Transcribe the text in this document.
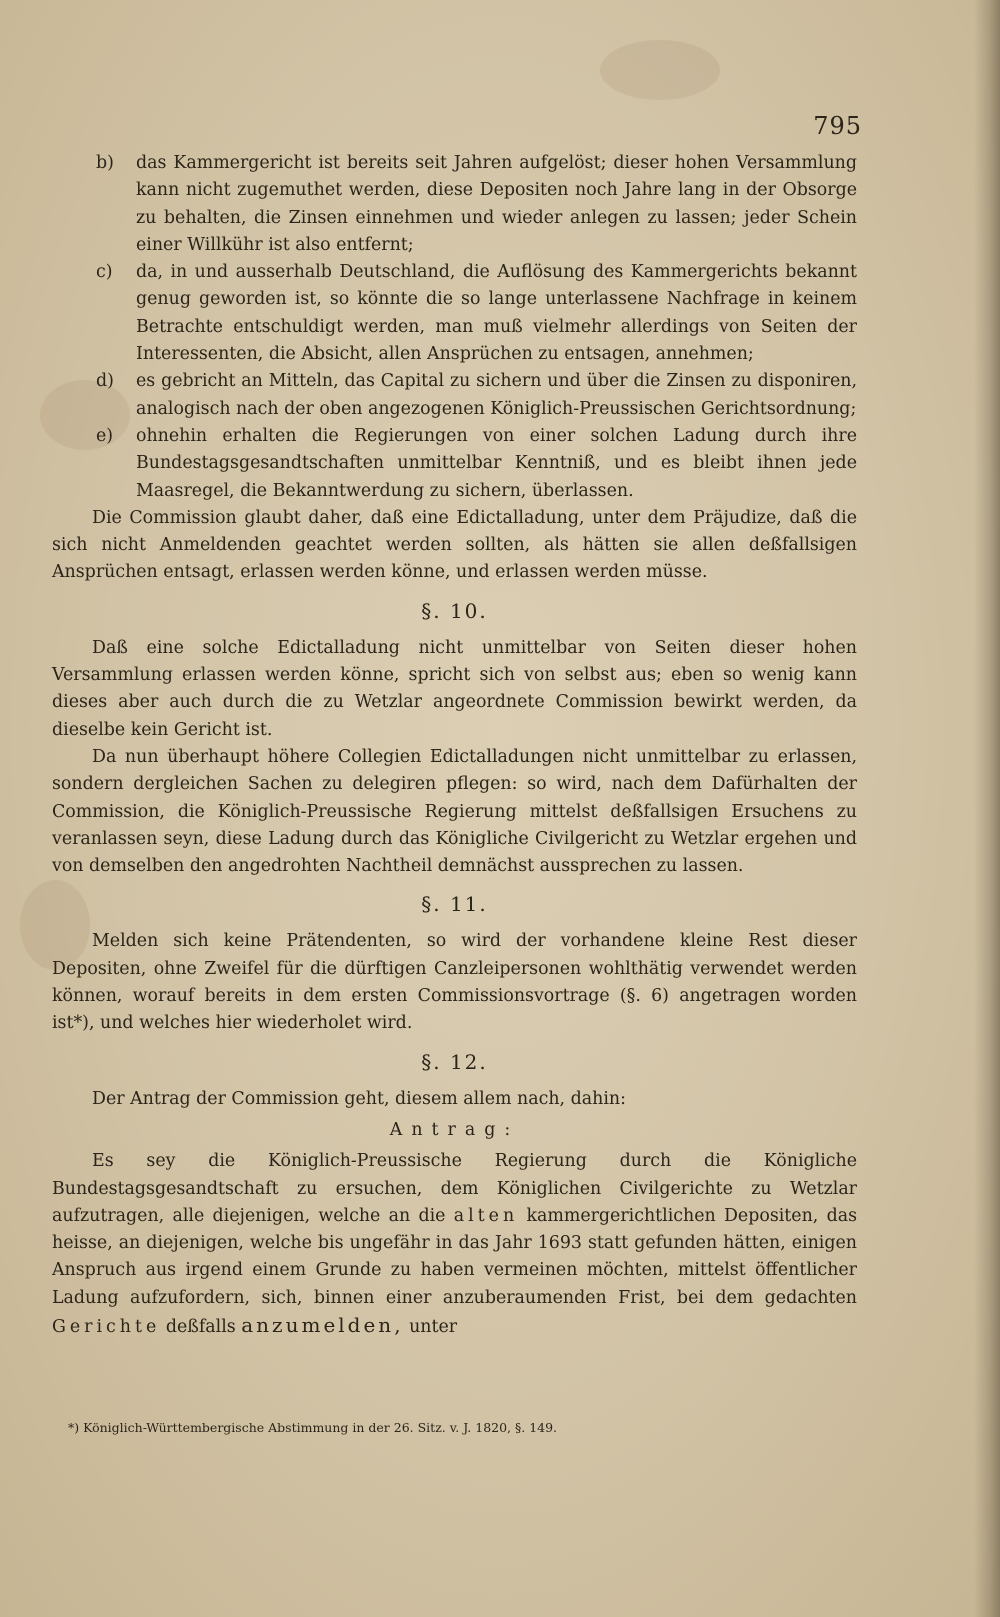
795
b)	das Kammergericht ist bereits seit Jahren aufgelöst; dieser hohen Versammlung kann nicht zugemuthet werden, diese Depositen noch Jahre lang in der Obsorge zu behalten, die Zinsen einnehmen und wieder anlegen zu lassen; jeder Schein einer Willkühr ist also entfernt;
c)	da, in und ausserhalb Deutschland, die Auflösung des Kammergerichts bekannt genug geworden ist, so könnte die so lange unterlassene Nachfrage in keinem Betrachte entschuldigt werden, man muß vielmehr allerdings von Seiten der Interessenten, die Absicht, allen Ansprüchen zu entsagen, annehmen;
d)	es gebricht an Mitteln, das Capital zu sichern und über die Zinsen zu disponiren, analogisch nach der oben angezogenen Königlich-Preussischen Gerichtsordnung;
e)	ohnehin erhalten die Regierungen von einer solchen Ladung durch ihre Bundestagsgesandtschaften unmittelbar Kenntniß, und es bleibt ihnen jede Maasregel, die Bekanntwerdung zu sichern, überlassen.

Die Commission glaubt daher, daß eine Edictalladung, unter dem Präjudize, daß die sich nicht Anmeldenden geachtet werden sollten, als hätten sie allen deßfallsigen Ansprüchen entsagt, erlassen werden könne, und erlassen werden müsse.

§. 10.

Daß eine solche Edictalladung nicht unmittelbar von Seiten dieser hohen Versammlung erlassen werden könne, spricht sich von selbst aus; eben so wenig kann dieses aber auch durch die zu Wetzlar angeordnete Commission bewirkt werden, da dieselbe kein Gericht ist.

Da nun überhaupt höhere Collegien Edictalladungen nicht unmittelbar zu erlassen, sondern dergleichen Sachen zu delegiren pflegen: so wird, nach dem Dafürhalten der Commission, die Königlich-Preussische Regierung mittelst deßfallsigen Ersuchens zu veranlassen seyn, diese Ladung durch das Königliche Civilgericht zu Wetzlar ergehen und von demselben den angedrohten Nachtheil demnächst aussprechen zu lassen.

§. 11.

Melden sich keine Prätendenten, so wird der vorhandene kleine Rest dieser Depositen, ohne Zweifel für die dürftigen Canzleipersonen wohlthätig verwendet werden können, worauf bereits in dem ersten Commissionsvortrage (§. 6) angetragen worden ist*), und welches hier wiederholet wird.

§. 12.

Der Antrag der Commission geht, diesem allem nach, dahin:

Antrag:

Es sey die Königlich-Preussische Regierung durch die Königliche Bundestagsgesandtschaft zu ersuchen, dem Königlichen Civilgerichte zu Wetzlar aufzutragen, alle diejenigen, welche an die alten kammergerichtlichen Depositen, das heisse, an diejenigen, welche bis ungefähr in das Jahr 1693 statt gefunden hätten, einigen Anspruch aus irgend einem Grunde zu haben vermeinen möchten, mittelst öffentlicher Ladung aufzufordern, sich, binnen einer anzuberaumenden Frist, bei dem gedachten Gerichte deßfalls anzumelden, unter

*) Königlich-Württembergische Abstimmung in der 26. Sitz. v. J. 1820, §. 149.
